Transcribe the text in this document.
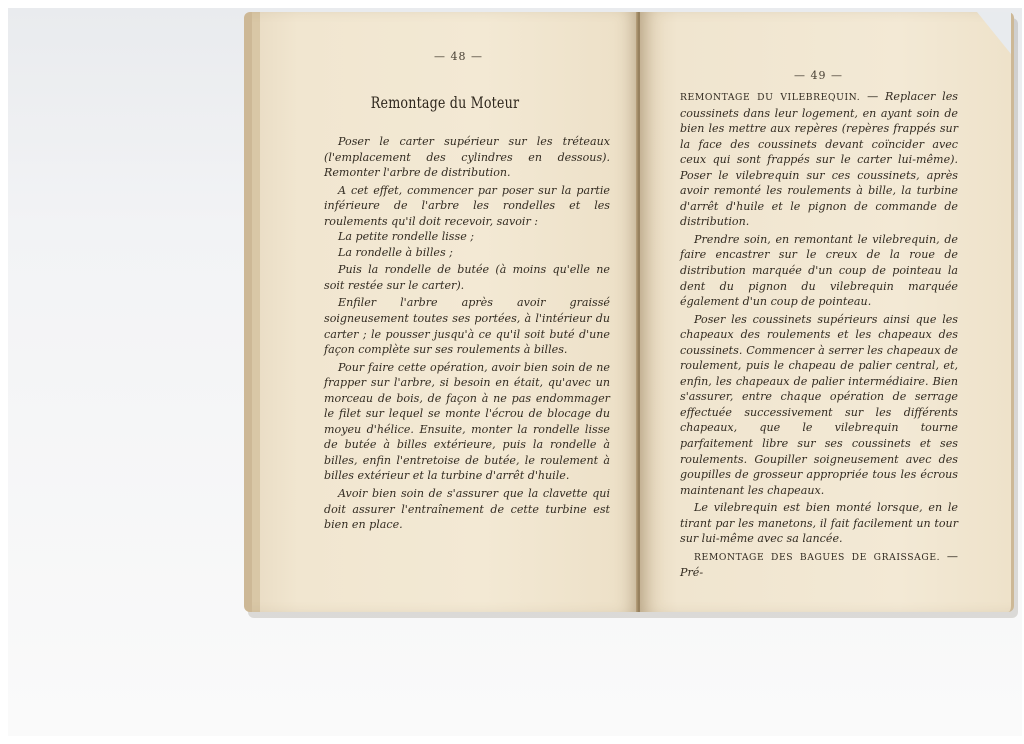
— 48 —
Remontage du Moteur

Poser le carter supérieur sur les tréteaux (l'emplacement des cylindres en dessous). Remonter l'arbre de distribution.

A cet effet, commencer par poser sur la partie inférieure de l'arbre les rondelles et les roulements qu'il doit recevoir, savoir :

La petite rondelle lisse ;

La rondelle à billes ;

Puis la rondelle de butée (à moins qu'elle ne soit restée sur le carter).

Enfiler l'arbre après avoir graissé soigneusement toutes ses portées, à l'intérieur du carter ; le pousser jusqu'à ce qu'il soit buté d'une façon complète sur ses roulements à billes.

Pour faire cette opération, avoir bien soin de ne frapper sur l'arbre, si besoin en était, qu'avec un morceau de bois, de façon à ne pas endommager le filet sur lequel se monte l'écrou de blocage du moyeu d'hélice. Ensuite, monter la rondelle lisse de butée à billes extérieure, puis la rondelle à billes, enfin l'entretoise de butée, le roulement à billes extérieur et la turbine d'arrêt d'huile.

Avoir bien soin de s'assurer que la clavette qui doit assurer l'entraînement de cette turbine est bien en place.

— 49 —

REMONTAGE DU VILEBREQUIN. — Replacer les coussinets dans leur logement, en ayant soin de bien les mettre aux repères (repères frappés sur la face des coussinets devant coïncider avec ceux qui sont frappés sur le carter lui-même). Poser le vilebrequin sur ces coussinets, après avoir remonté les roulements à bille, la turbine d'arrêt d'huile et le pignon de commande de distribution.

Prendre soin, en remontant le vilebrequin, de faire encastrer sur le creux de la roue de distribution marquée d'un coup de pointeau la dent du pignon du vilebrequin marquée également d'un coup de pointeau.

Poser les coussinets supérieurs ainsi que les chapeaux des roulements et les chapeaux des coussinets. Commencer à serrer les chapeaux de roulement, puis le chapeau de palier central, et, enfin, les chapeaux de palier intermédiaire. Bien s'assurer, entre chaque opération de serrage effectuée successivement sur les différents chapeaux, que le vilebrequin tourne parfaitement libre sur ses coussinets et ses roulements. Goupiller soigneusement avec des goupilles de grosseur appropriée tous les écrous maintenant les chapeaux.

Le vilebrequin est bien monté lorsque, en le tirant par les manetons, il fait facilement un tour sur lui-même avec sa lancée.

REMONTAGE DES BAGUES DE GRAISSAGE. — Pré-
